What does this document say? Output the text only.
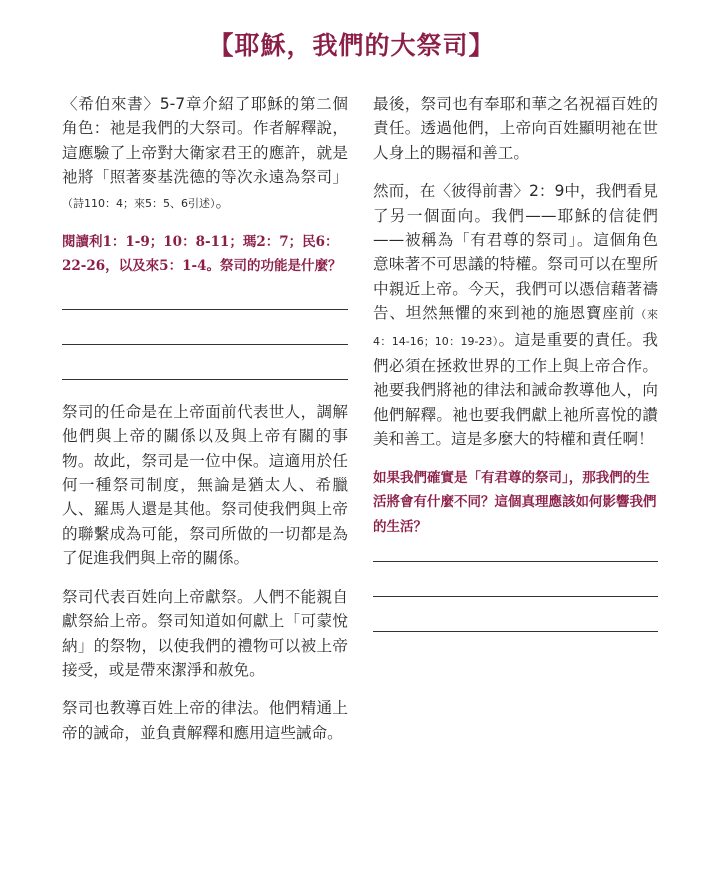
【耶穌，我們的大祭司】

〈希伯來書〉5-7章介紹了耶穌的第二個角色：祂是我們的大祭司。作者解釋說，這應驗了上帝對大衛家君王的應許，就是祂將「照著麥基洗德的等次永遠為祭司」（詩110：4；來5：5、6引述）。

閱讀利1：1-9；10：8-11；瑪2：7；民6：22-26，以及來5：1-4。祭司的功能是什麼？

祭司的任命是在上帝面前代表世人，調解他們與上帝的關係以及與上帝有關的事物。故此，祭司是一位中保。這適用於任何一種祭司制度，無論是猶太人、希臘人、羅馬人還是其他。祭司使我們與上帝的聯繫成為可能，祭司所做的一切都是為了促進我們與上帝的關係。

祭司代表百姓向上帝獻祭。人們不能親自獻祭給上帝。祭司知道如何獻上「可蒙悅納」的祭物，以使我們的禮物可以被上帝接受，或是帶來潔淨和赦免。

祭司也教導百姓上帝的律法。他們精通上帝的誡命，並負責解釋和應用這些誡命。

最後，祭司也有奉耶和華之名祝福百姓的責任。透過他們，上帝向百姓顯明祂在世人身上的賜福和善工。

然而，在〈彼得前書〉2：9中，我們看見了另一個面向。我們——耶穌的信徒們——被稱為「有君尊的祭司」。這個角色意味著不可思議的特權。祭司可以在聖所中親近上帝。今天，我們可以憑信藉著禱告、坦然無懼的來到祂的施恩寶座前（來4：14-16；10：19-23）。這是重要的責任。我們必須在拯救世界的工作上與上帝合作。祂要我們將祂的律法和誡命教導他人，向他們解釋。祂也要我們獻上祂所喜悅的讚美和善工。這是多麼大的特權和責任啊！

如果我們確實是「有君尊的祭司」，那我們的生活將會有什麼不同？這個真理應該如何影響我們的生活？
